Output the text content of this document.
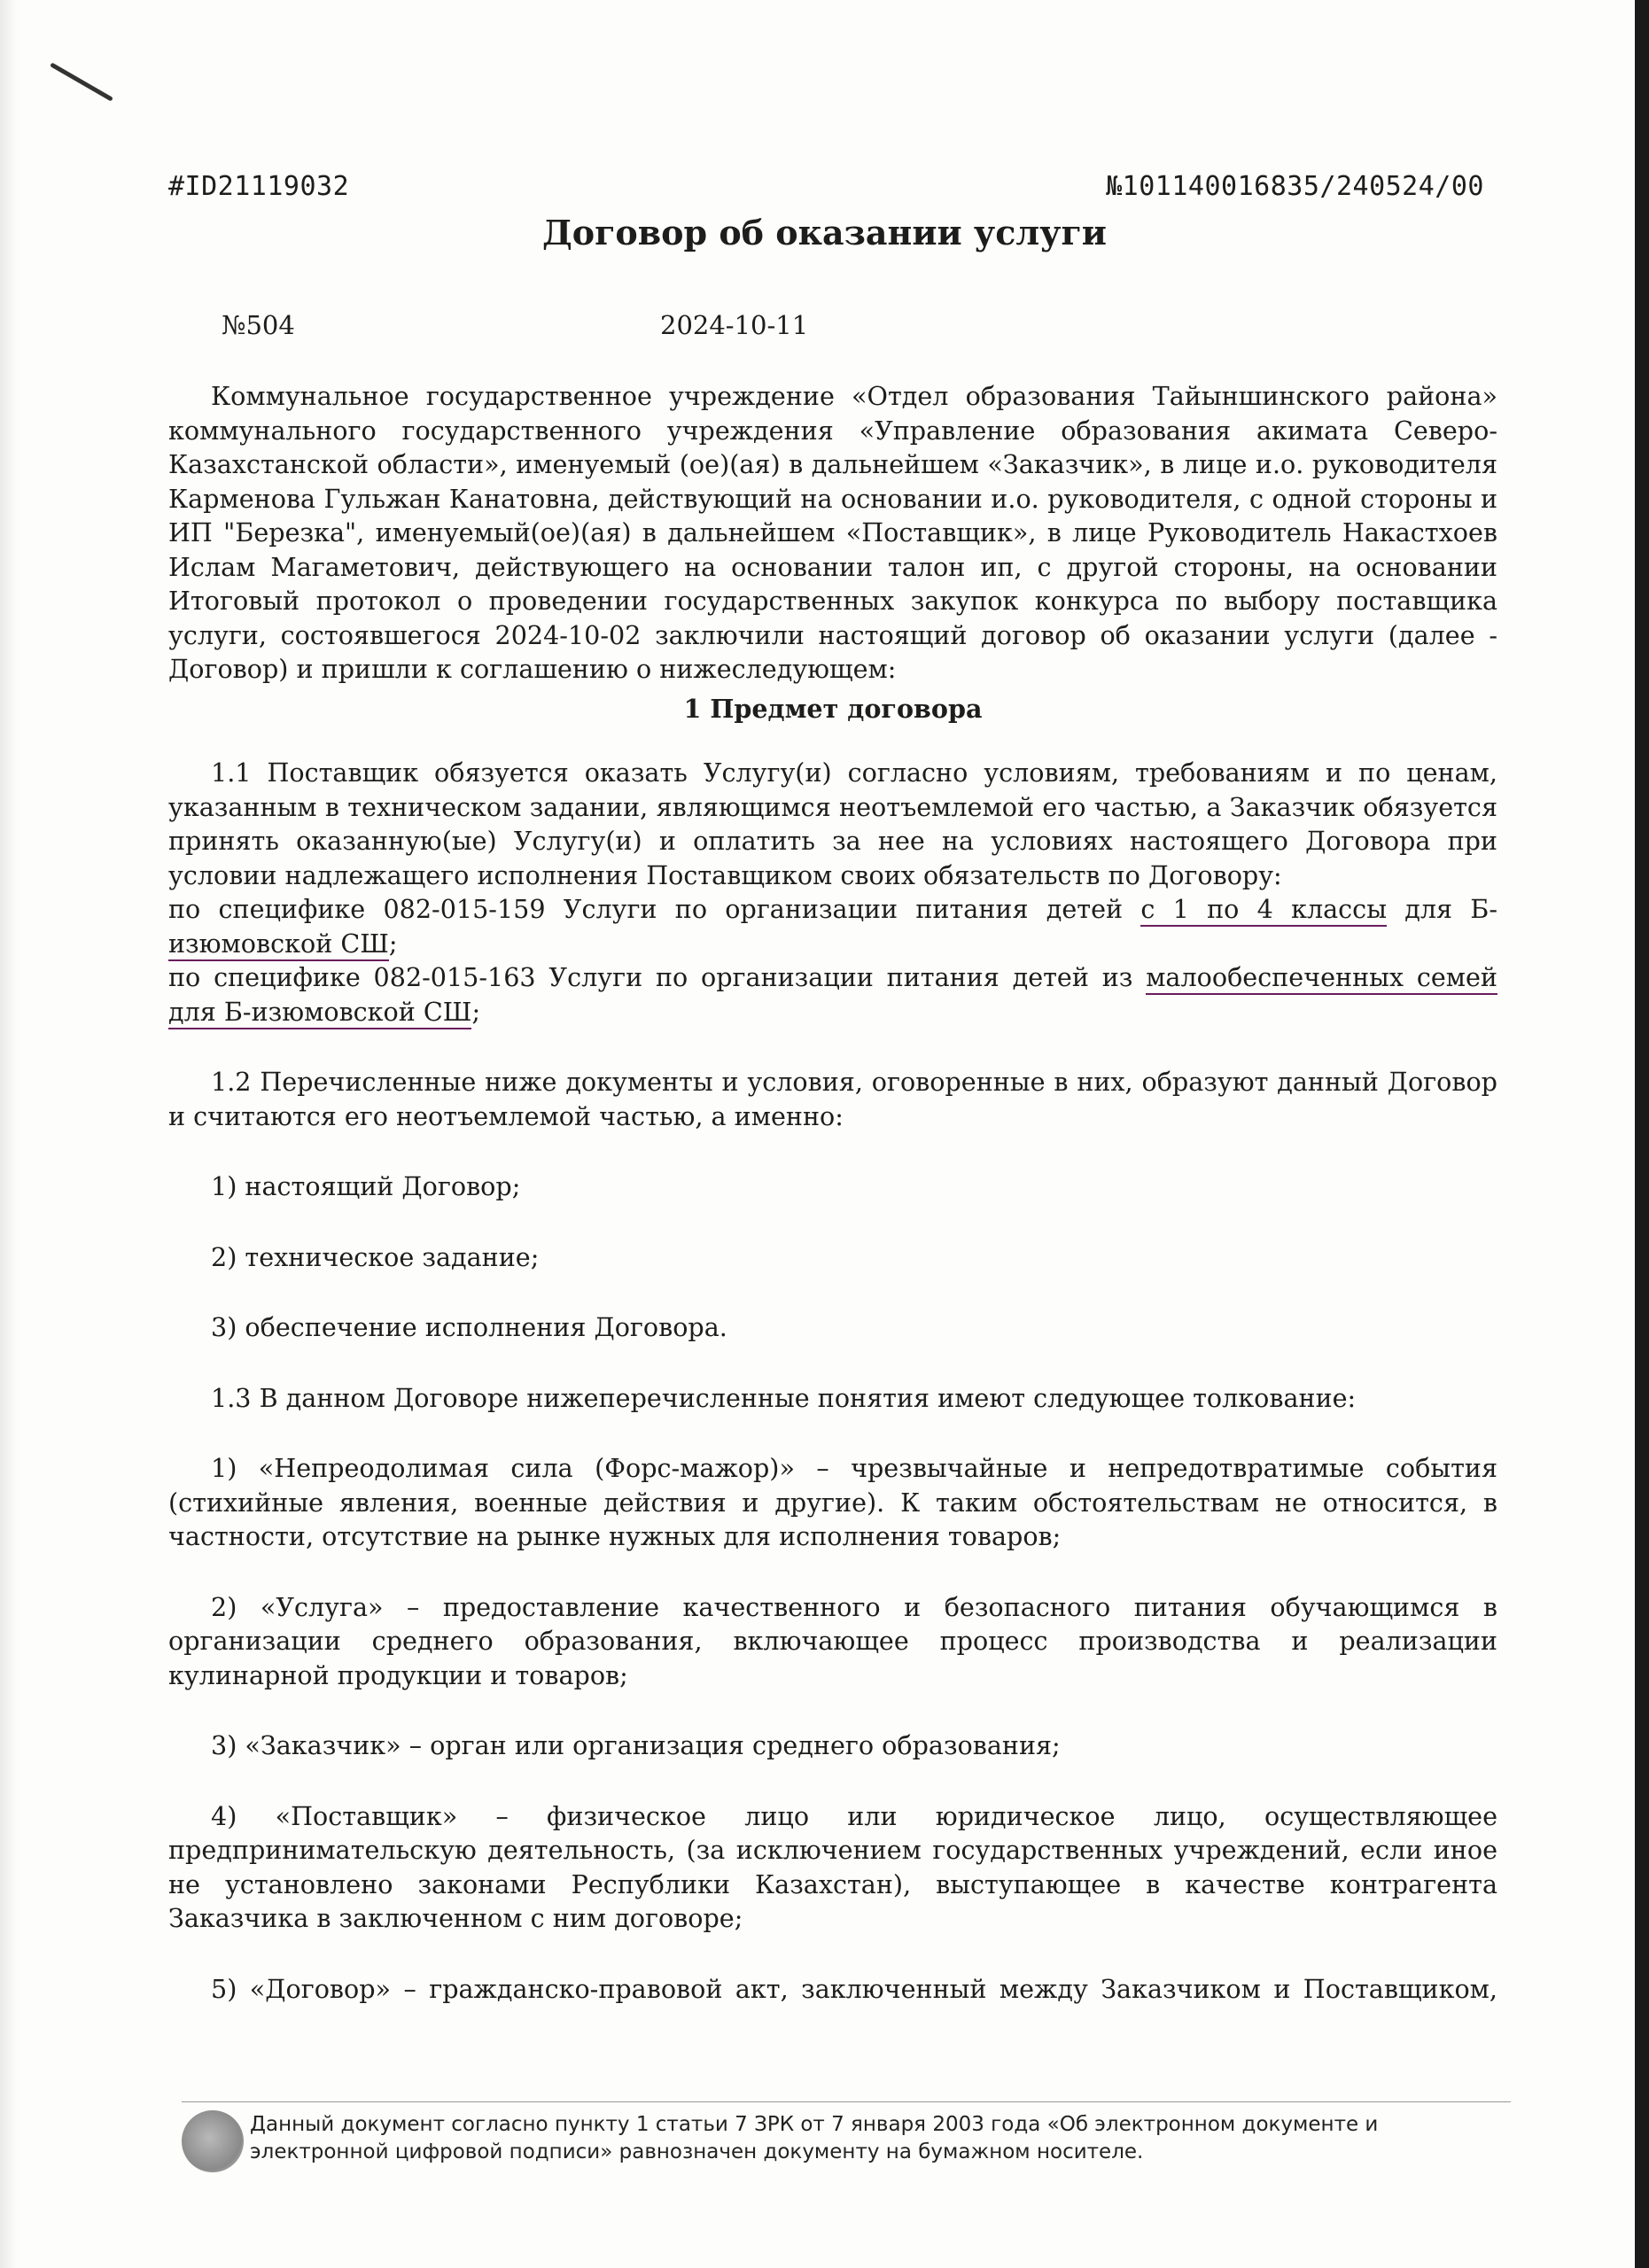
#ID21119032	№101140016835/240524/00
Договор об оказании услуги
№504	2024-10-11

Коммунальное государственное учреждение «Отдел образования Тайыншинского района» коммунального государственного учреждения «Управление образования акимата Северо-Казахстанской области», именуемый (ое)(ая) в дальнейшем «Заказчик», в лице и.о. руководителя Карменова Гульжан Канатовна, действующий на основании и.о. руководителя, с одной стороны и ИП "Березка", именуемый(ое)(ая) в дальнейшем «Поставщик», в лице Руководитель Накастхоев Ислам Магаметович, действующего на основании талон ип, с другой стороны, на основании Итоговый протокол о проведении государственных закупок конкурса по выбору поставщика услуги, состоявшегося 2024-10-02 заключили настоящий договор об оказании услуги (далее - Договор) и пришли к соглашению о нижеследующем:

1 Предмет договора

1.1 Поставщик обязуется оказать Услугу(и) согласно условиям, требованиям и по ценам, указанным в техническом задании, являющимся неотъемлемой его частью, а Заказчик обязуется принять оказанную(ые) Услугу(и) и оплатить за нее на условиях настоящего Договора при условии надлежащего исполнения Поставщиком своих обязательств по Договору:

по специфике 082-015-159 Услуги по организации питания детей с 1 по 4 классы для Б-изюмовской СШ;

по специфике 082-015-163 Услуги по организации питания детей из малообеспеченных семей для Б-изюмовской СШ;

1.2 Перечисленные ниже документы и условия, оговоренные в них, образуют данный Договор и считаются его неотъемлемой частью, а именно:

1) настоящий Договор;

2) техническое задание;

3) обеспечение исполнения Договора.

1.3 В данном Договоре нижеперечисленные понятия имеют следующее толкование:

1) «Непреодолимая сила (Форс-мажор)» – чрезвычайные и непредотвратимые события (стихийные явления, военные действия и другие). К таким обстоятельствам не относится, в частности, отсутствие на рынке нужных для исполнения товаров;

2) «Услуга» – предоставление качественного и безопасного питания обучающимся в организации среднего образования, включающее процесс производства и реализации кулинарной продукции и товаров;

3) «Заказчик» – орган или организация среднего образования;

4) «Поставщик» – физическое лицо или юридическое лицо, осуществляющее предпринимательскую деятельность, (за исключением государственных учреждений, если иное не установлено законами Республики Казахстан), выступающее в качестве контрагента Заказчика в заключенном с ним договоре;

5) «Договор» – гражданско-правовой акт, заключенный между Заказчиком и Поставщиком,

Данный документ согласно пункту 1 статьи 7 ЗРК от 7 января 2003 года «Об электронном документе и
электронной цифровой подписи» равнозначен документу на бумажном носителе.
